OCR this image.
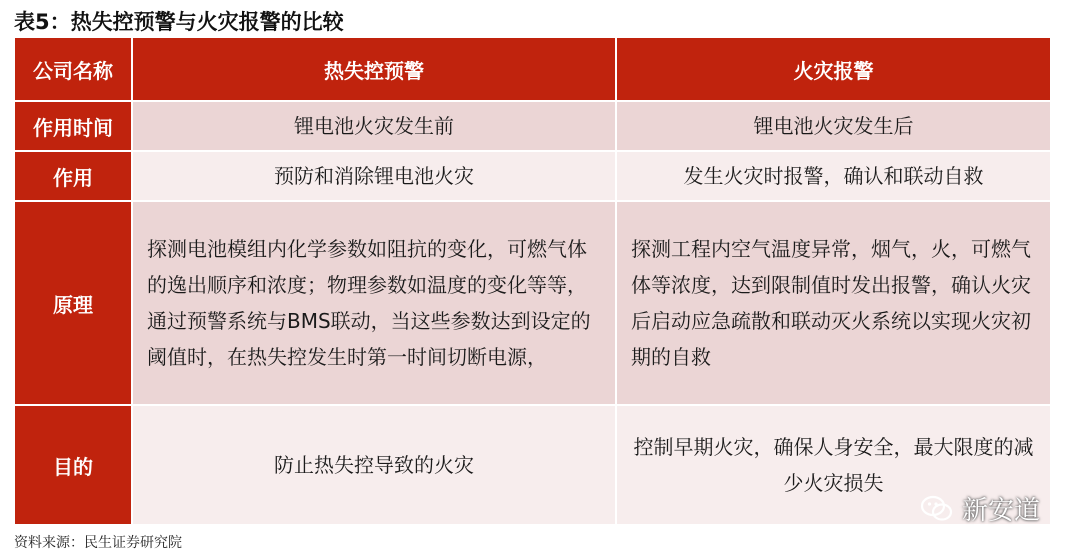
表5：热失控预警与火灾报警的比较
公司名称	热失控预警	火灾报警
作用时间	锂电池火灾发生前	锂电池火灾发生后
作用	预防和消除锂电池火灾	发生火灾时报警，确认和联动自救
原理	探测电池模组内化学参数如阻抗的变化，可燃气体的逸出顺序和浓度；物理参数如温度的变化等等，通过预警系统与BMS联动，当这些参数达到设定的阈值时，在热失控发生时第一时间切断电源，	探测工程内空气温度异常，烟气，火，可燃气体等浓度，达到限制值时发出报警，确认火灾后启动应急疏散和联动灭火系统以实现火灾初期的自救
目的	防止热失控导致的火灾	控制早期火灾，确保人身安全，最大限度的减少火灾损失
资料来源：民生证券研究院
新安道
